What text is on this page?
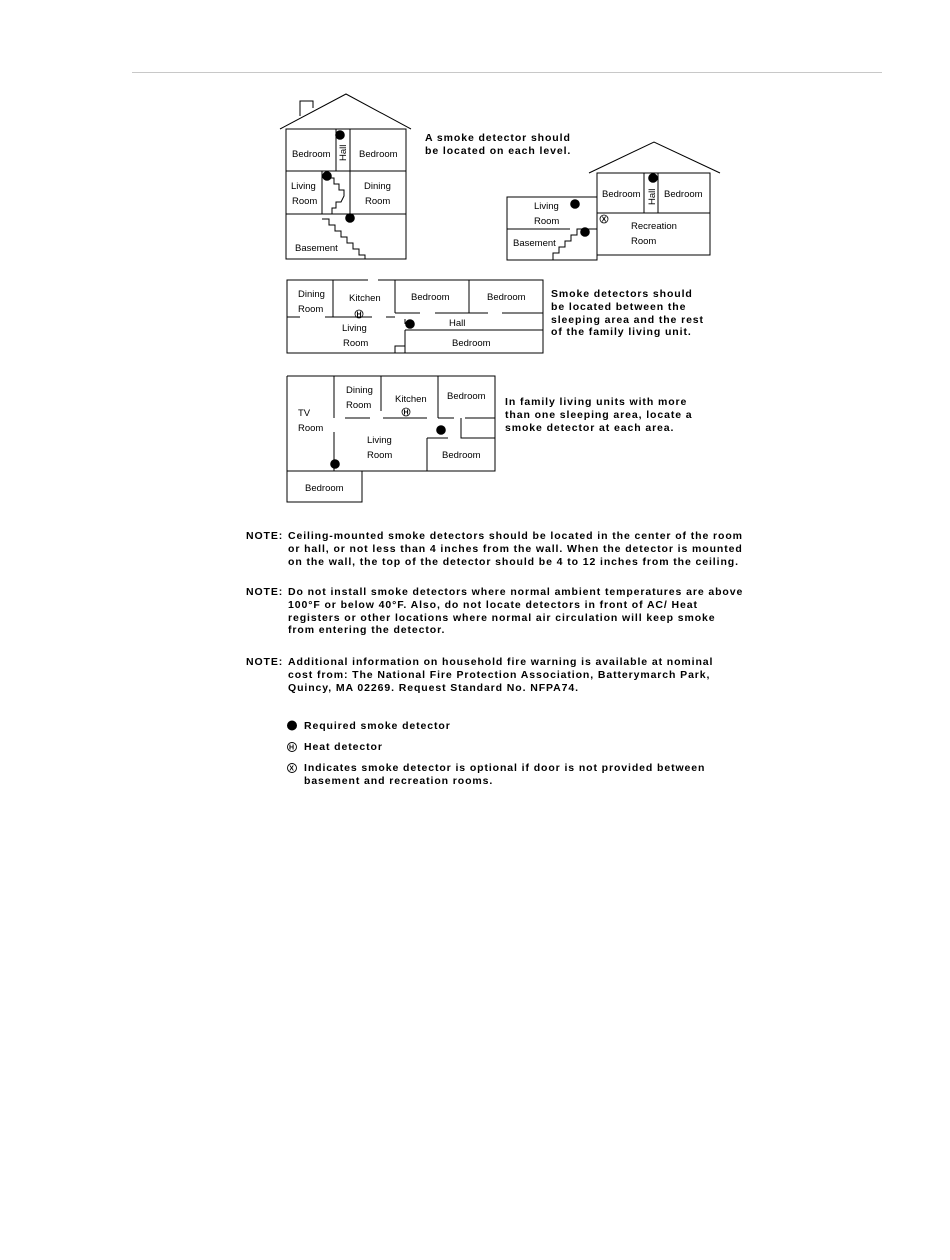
H
H
X
Bedroom Hall Bedroom
Living
Room
Dining
Room
Basement
Bedroom Hall Bedroom
Living
Room	Recreation
Room
Basement
Dining
Room
Kitchen	Bedroom	Bedroom
Living
Room
Hall
Bedroom
Dining
Room
Kitchen Bedroom
TV
Room
Living
Room	Bedroom
Bedroom
A smoke detector should
be located on each level.
Smoke detectors should
be located between the
sleeping area and the rest
of the family living unit.
In family living units with more
than one sleeping area, locate a
smoke detector at each area.
NOTE: Ceiling-mounted smoke detectors should be located in the center of the room
or hall, or not less than 4 inches from the wall. When the detector is mounted
on the wall, the top of the detector should be 4 to 12 inches from the ceiling.
NOTE: Do not install smoke detectors where normal ambient temperatures are above
100°F or below 40°F. Also, do not locate detectors in front of AC/ Heat
registers or other locations where normal air circulation will keep smoke
from entering the detector.
NOTE: Additional information on household fire warning is available at nominal
cost from: The National Fire Protection Association, Batterymarch Park,
Quincy, MA 02269. Request Standard No. NFPA74.
Required smoke detector
H Heat detector
X Indicates smoke detector is optional if door is not provided between
basement and recreation rooms.
